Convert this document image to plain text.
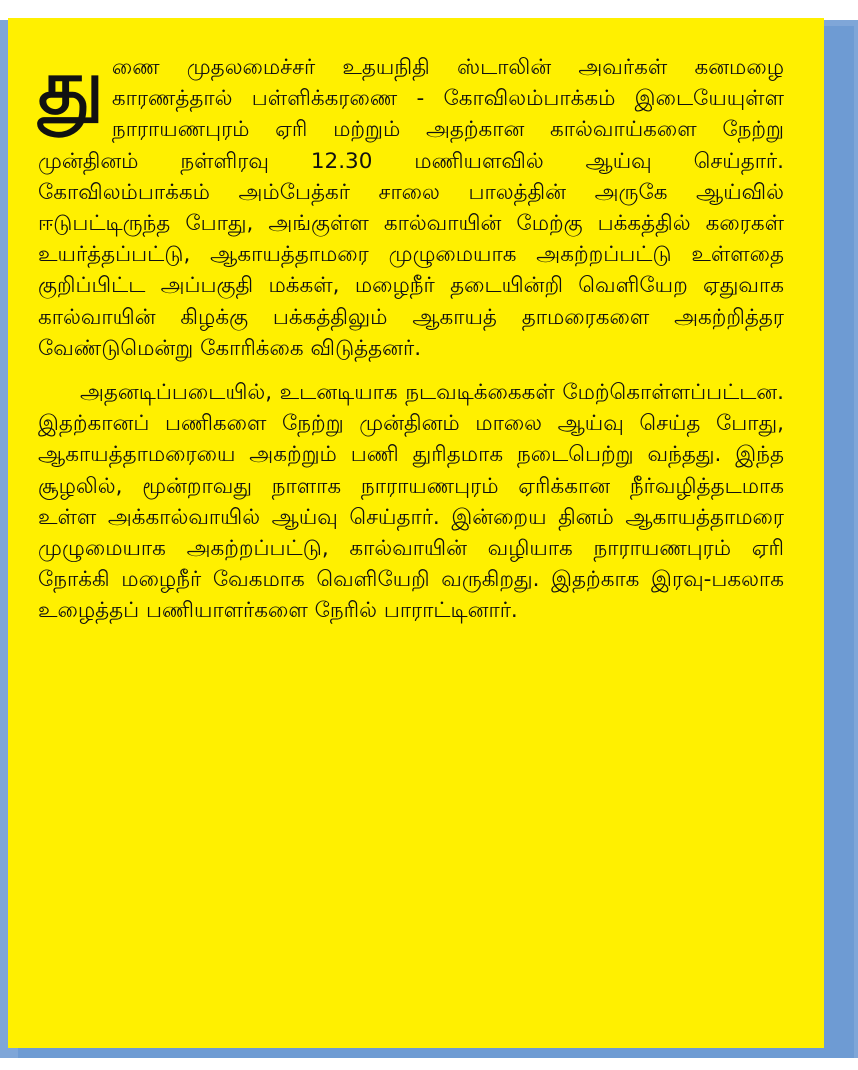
துணை முதலமைச்சர் உதயநிதி ஸ்டாலின் அவர்கள் கனமழை காரணத்தால் பள்ளிக்கரணை - கோவிலம்பாக்கம் இடையேயுள்ள நாராயணபுரம் ஏரி மற்றும் அதற்கான கால்வாய்களை நேற்று முன்தினம் நள்ளிரவு 12.30 மணியளவில் ஆய்வு செய்தார். கோவிலம்பாக்கம் அம்பேத்கர் சாலை பாலத்தின் அருகே ஆய்வில் ஈடுபட்டிருந்த போது, அங்குள்ள கால்வாயின் மேற்கு பக்கத்தில் கரைகள் உயர்த்தப்பட்டு, ஆகாயத்தாமரை முழுமையாக அகற்றப்பட்டு உள்ளதை குறிப்பிட்ட அப்பகுதி மக்கள், மழைநீர் தடையின்றி வெளியேற ஏதுவாக கால்வாயின் கிழக்கு பக்கத்திலும் ஆகாயத் தாமரைகளை அகற்றித்தர வேண்டுமென்று கோரிக்கை விடுத்தனர்.

அதனடிப்படையில், உடனடியாக நடவடிக்கைகள் மேற்கொள்ளப்பட்டன. இதற்கானப் பணிகளை நேற்று முன்தினம் மாலை ஆய்வு செய்த போது, ஆகாயத்தாமரையை அகற்றும் பணி துரிதமாக நடைபெற்று வந்தது. இந்த சூழலில், மூன்றாவது நாளாக நாராயணபுரம் ஏரிக்கான நீர்வழித்தடமாக உள்ள அக்கால்வாயில் ஆய்வு செய்தார். இன்றைய தினம் ஆகாயத்தாமரை முழுமையாக அகற்றப்பட்டு, கால்வாயின் வழியாக நாராயணபுரம் ஏரி நோக்கி மழைநீர் வேகமாக வெளியேறி வருகிறது. இதற்காக இரவு-பகலாக உழைத்தப் பணியாளர்களை நேரில் பாராட்டினார்.
